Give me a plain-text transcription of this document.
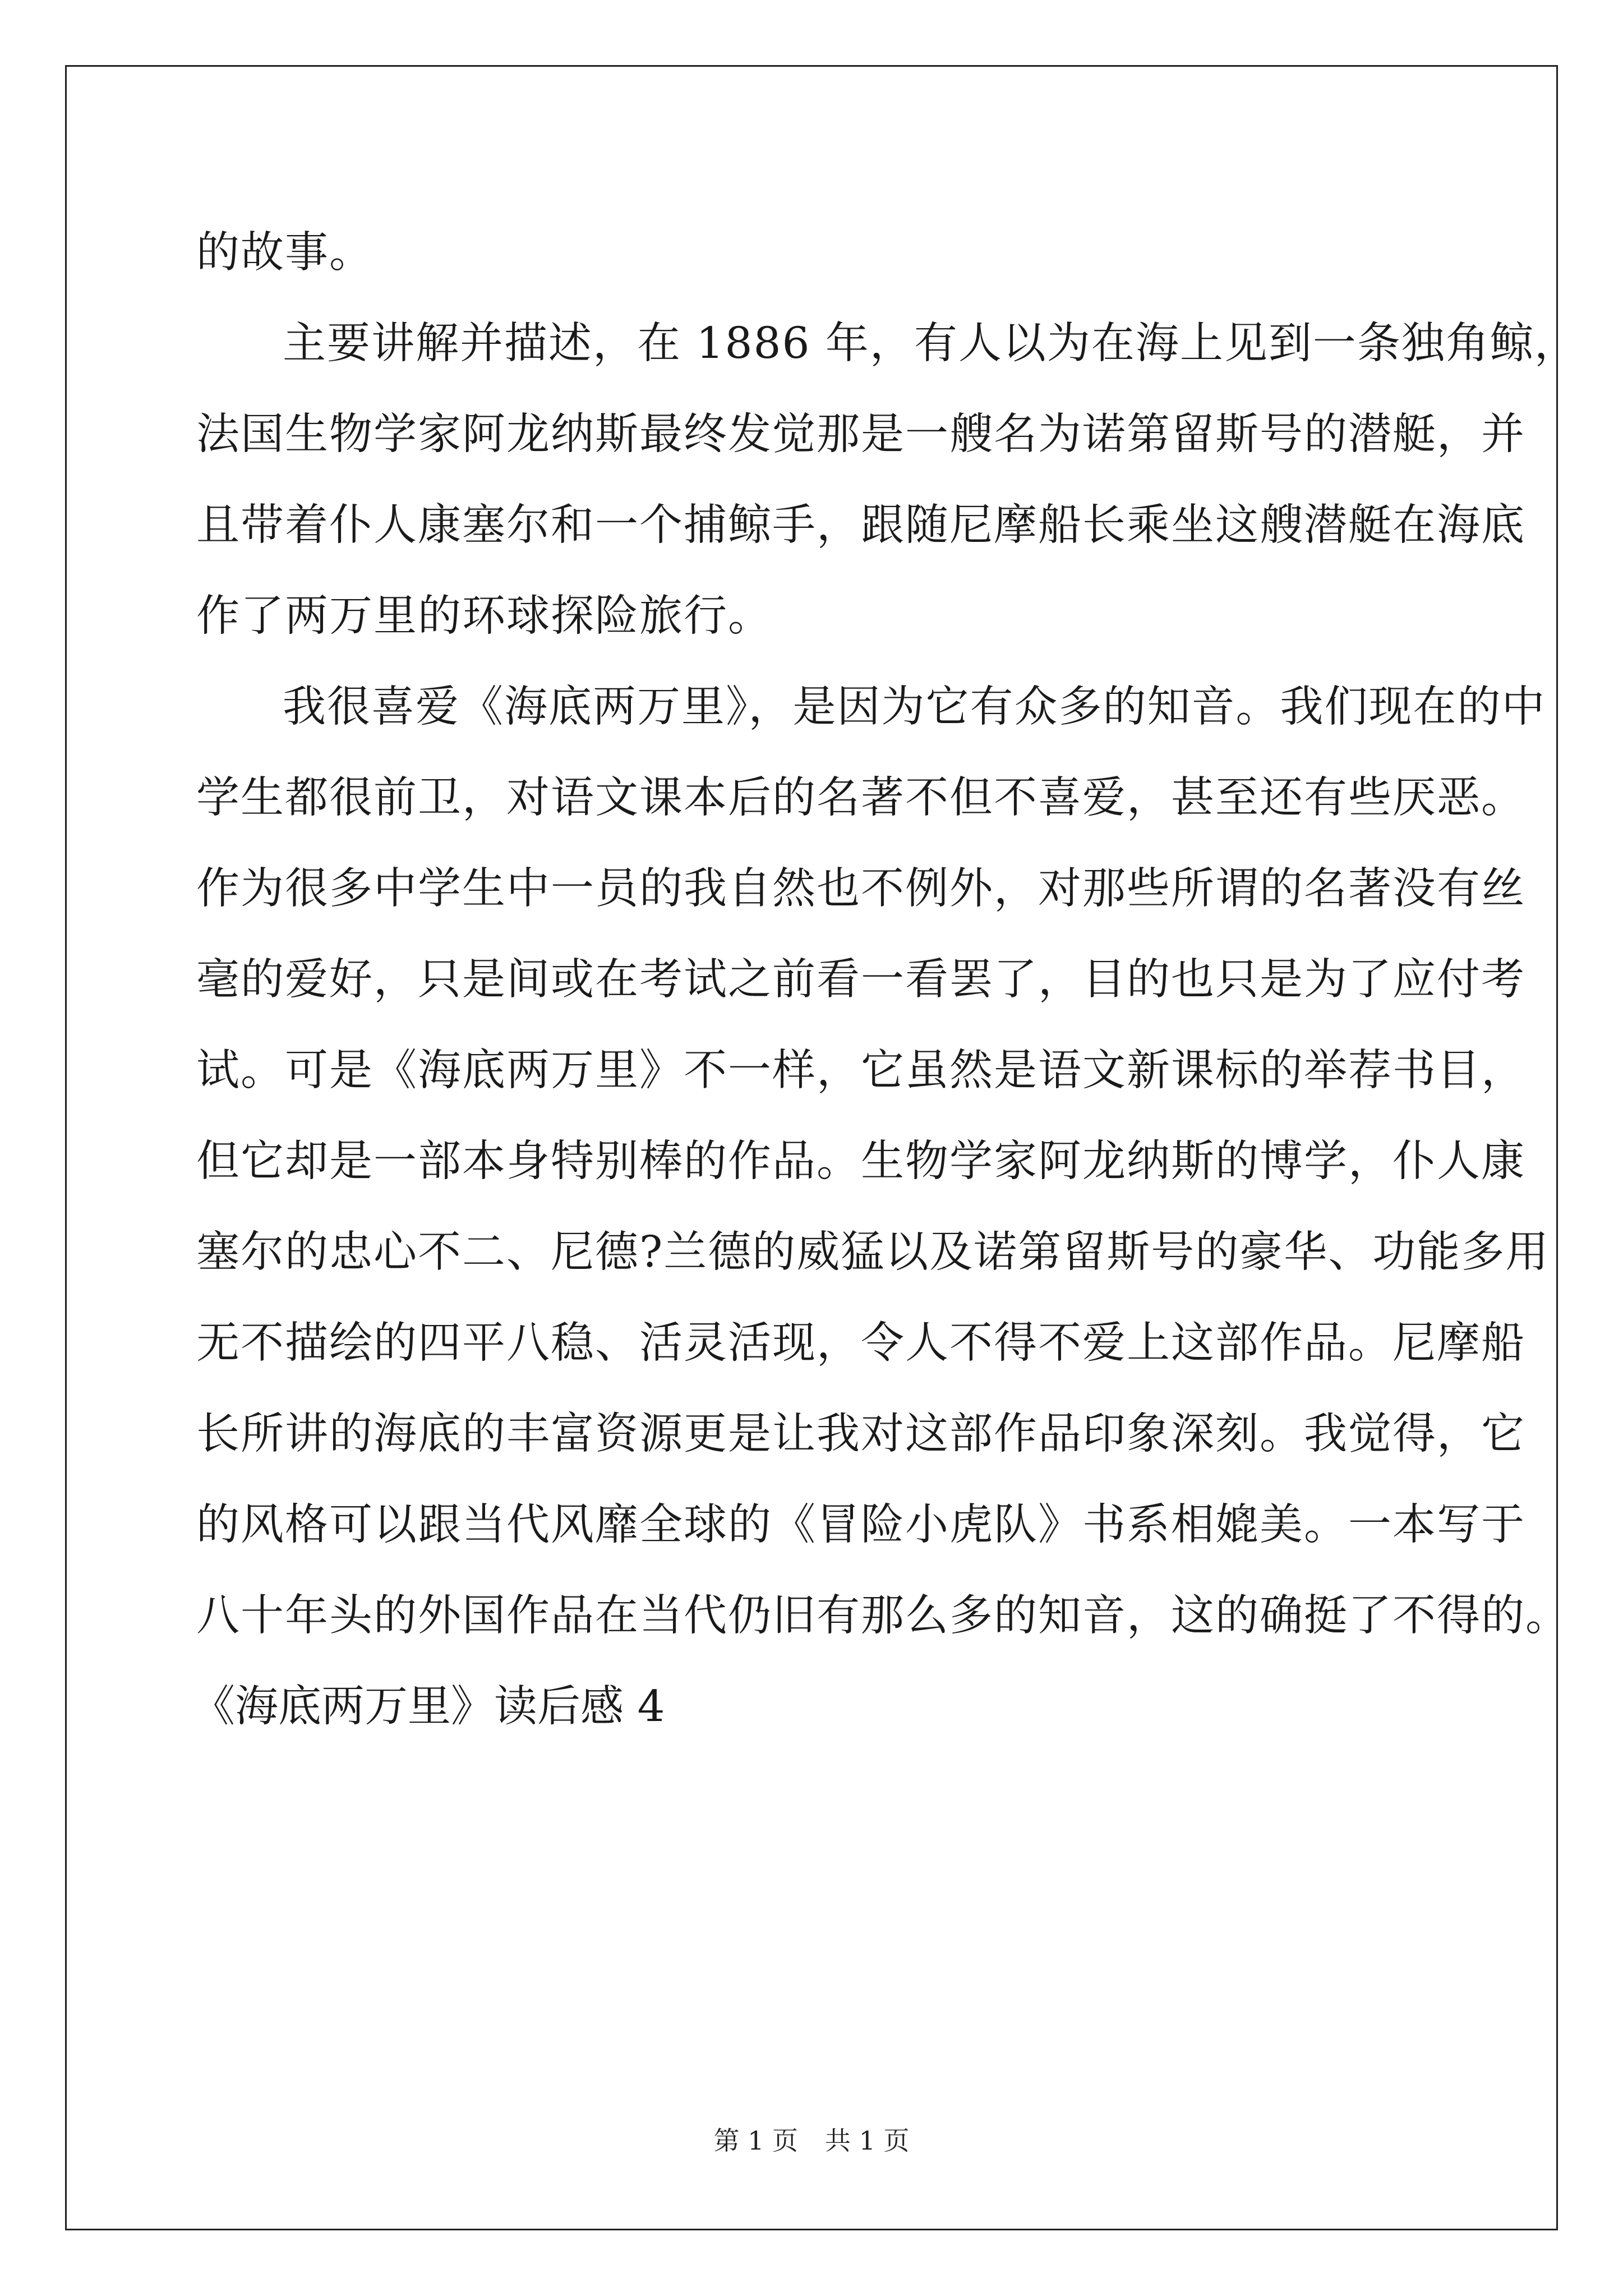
的故事。
主要讲解并描述，在 1886 年，有人以为在海上见到一条独角鲸，
法国生物学家阿龙纳斯最终发觉那是一艘名为诺第留斯号的潜艇，并
且带着仆人康塞尔和一个捕鲸手，跟随尼摩船长乘坐这艘潜艇在海底
作了两万里的环球探险旅行。
我很喜爱《海底两万里》，是因为它有众多的知音。我们现在的中
学生都很前卫，对语文课本后的名著不但不喜爱，甚至还有些厌恶。
作为很多中学生中一员的我自然也不例外，对那些所谓的名著没有丝
毫的爱好，只是间或在考试之前看一看罢了，目的也只是为了应付考
试。可是《海底两万里》不一样，它虽然是语文新课标的举荐书目，
但它却是一部本身特别棒的作品。生物学家阿龙纳斯的博学，仆人康
塞尔的忠心不二、尼德?兰德的威猛以及诺第留斯号的豪华、功能多用
无不描绘的四平八稳、活灵活现，令人不得不爱上这部作品。尼摩船
长所讲的海底的丰富资源更是让我对这部作品印象深刻。我觉得，它
的风格可以跟当代风靡全球的《冒险小虎队》书系相媲美。一本写于
八十年头的外国作品在当代仍旧有那么多的知音，这的确挺了不得的。
《海底两万里》读后感 4
第 1 页 共 1 页
